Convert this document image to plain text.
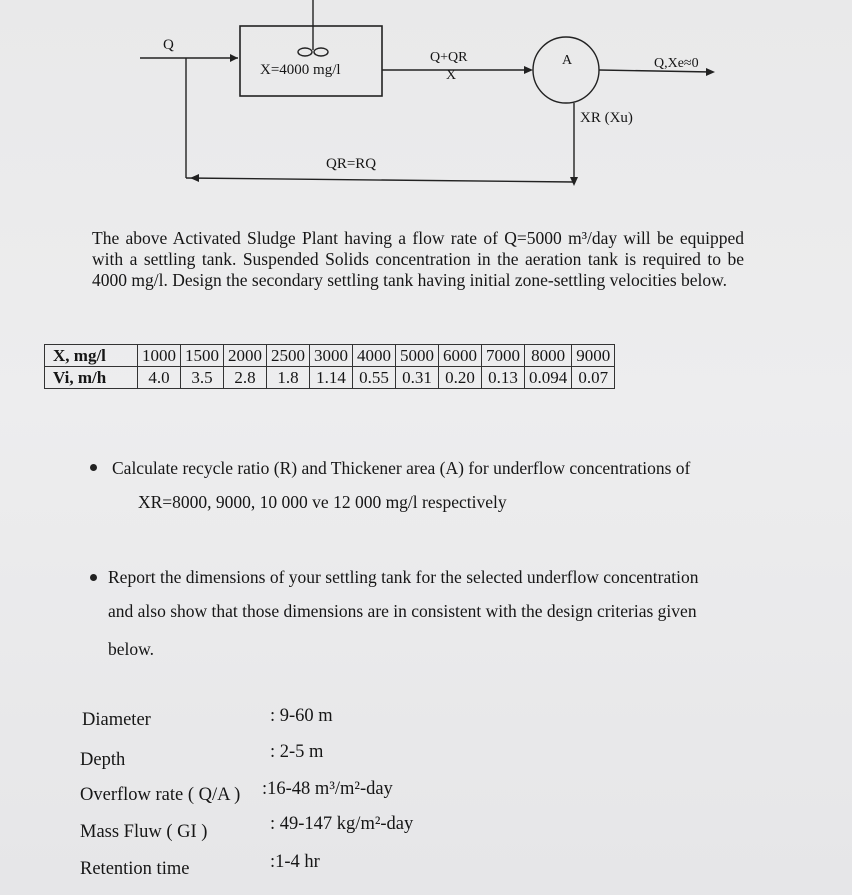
Q
X=4000 mg/l
Q+QR
X
A	Q,Xe≈0
XR (Xu)
QR=RQ
The above Activated Sludge Plant having a flow rate of Q=5000 m³/day will be equipped with a settling tank. Suspended Solids concentration in the aeration tank is required to be 4000 mg/l. Design the secondary settling tank having initial zone-settling velocities below.
X, mg/l	1000	1500	2000	2500	3000	4000	5000	6000	7000	8000	9000
Vi, m/h	4.0	3.5	2.8	1.8	1.14	0.55	0.31	0.20	0.13	0.094	0.07
Calculate recycle ratio (R) and Thickener area (A) for underflow concentrations of
XR=8000, 9000, 10 000 ve 12 000 mg/l respectively
Report the dimensions of your settling tank for the selected underflow concentration
and also show that those dimensions are in consistent with the design criterias given
below.
Diameter	: 9-60 m
Depth	: 2-5 m
Overflow rate ( Q/A ) :16-48 m³/m²-day
Mass Fluw ( GI )	: 49-147 kg/m²-day
Retention time	:1-4 hr
